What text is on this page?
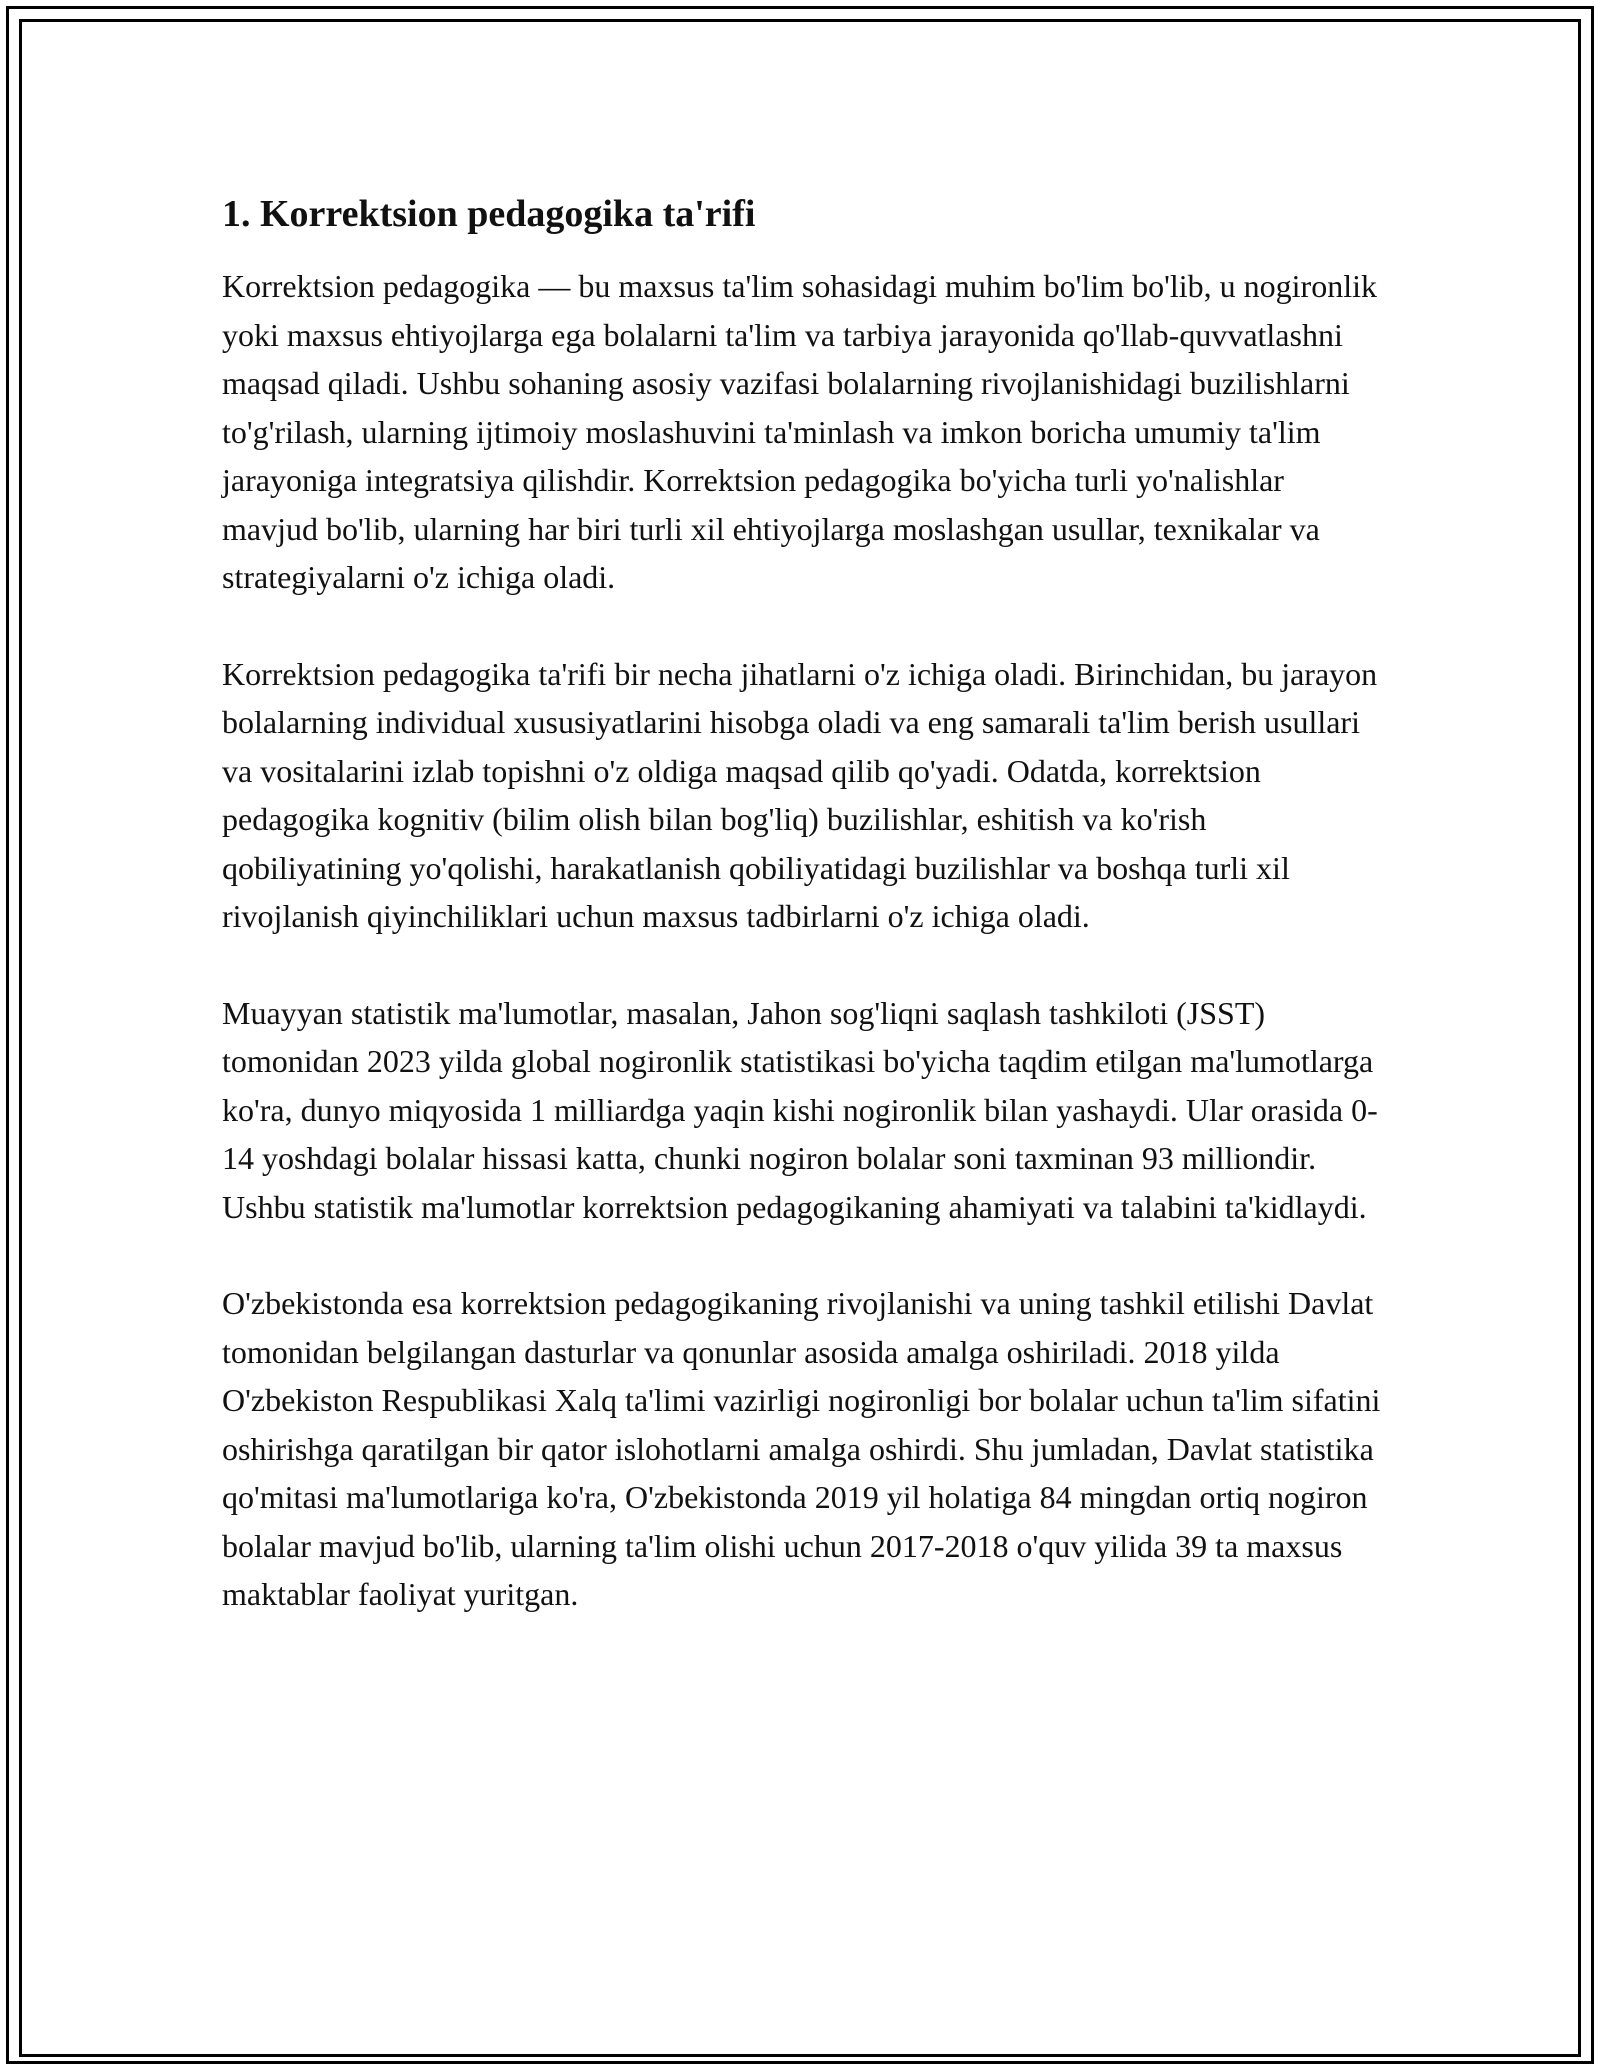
1. Korrektsion pedagogika ta'rifi

Korrektsion pedagogika — bu maxsus ta'lim sohasidagi muhim bo'lim bo'lib, u nogironlik yoki maxsus ehtiyojlarga ega bolalarni ta'lim va tarbiya jarayonida qo'llab-quvvatlashni maqsad qiladi. Ushbu sohaning asosiy vazifasi bolalarning rivojlanishidagi buzilishlarni to'g'rilash, ularning ijtimoiy moslashuvini ta'minlash va imkon boricha umumiy ta'lim jarayoniga integratsiya qilishdir. Korrektsion pedagogika bo'yicha turli yo'nalishlar mavjud bo'lib, ularning har biri turli xil ehtiyojlarga moslashgan usullar, texnikalar va strategiyalarni o'z ichiga oladi.

Korrektsion pedagogika ta'rifi bir necha jihatlarni o'z ichiga oladi. Birinchidan, bu jarayon bolalarning individual xususiyatlarini hisobga oladi va eng samarali ta'lim berish usullari va vositalarini izlab topishni o'z oldiga maqsad qilib qo'yadi. Odatda, korrektsion pedagogika kognitiv (bilim olish bilan bog'liq) buzilishlar, eshitish va ko'rish qobiliyatining yo'qolishi, harakatlanish qobiliyatidagi buzilishlar va boshqa turli xil rivojlanish qiyinchiliklari uchun maxsus tadbirlarni o'z ichiga oladi.

Muayyan statistik ma'lumotlar, masalan, Jahon sog'liqni saqlash tashkiloti (JSST) tomonidan 2023 yilda global nogironlik statistikasi bo'yicha taqdim etilgan ma'lumotlarga ko'ra, dunyo miqyosida 1 milliardga yaqin kishi nogironlik bilan yashaydi. Ular orasida 0-14 yoshdagi bolalar hissasi katta, chunki nogiron bolalar soni taxminan 93 milliondir. Ushbu statistik ma'lumotlar korrektsion pedagogikaning ahamiyati va talabini ta'kidlaydi.

O'zbekistonda esa korrektsion pedagogikaning rivojlanishi va uning tashkil etilishi Davlat tomonidan belgilangan dasturlar va qonunlar asosida amalga oshiriladi. 2018 yilda O'zbekiston Respublikasi Xalq ta'limi vazirligi nogironligi bor bolalar uchun ta'lim sifatini oshirishga qaratilgan bir qator islohotlarni amalga oshirdi. Shu jumladan, Davlat statistika qo'mitasi ma'lumotlariga ko'ra, O'zbekistonda 2019 yil holatiga 84 mingdan ortiq nogiron bolalar mavjud bo'lib, ularning ta'lim olishi uchun 2017-2018 o'quv yilida 39 ta maxsus maktablar faoliyat yuritgan.
